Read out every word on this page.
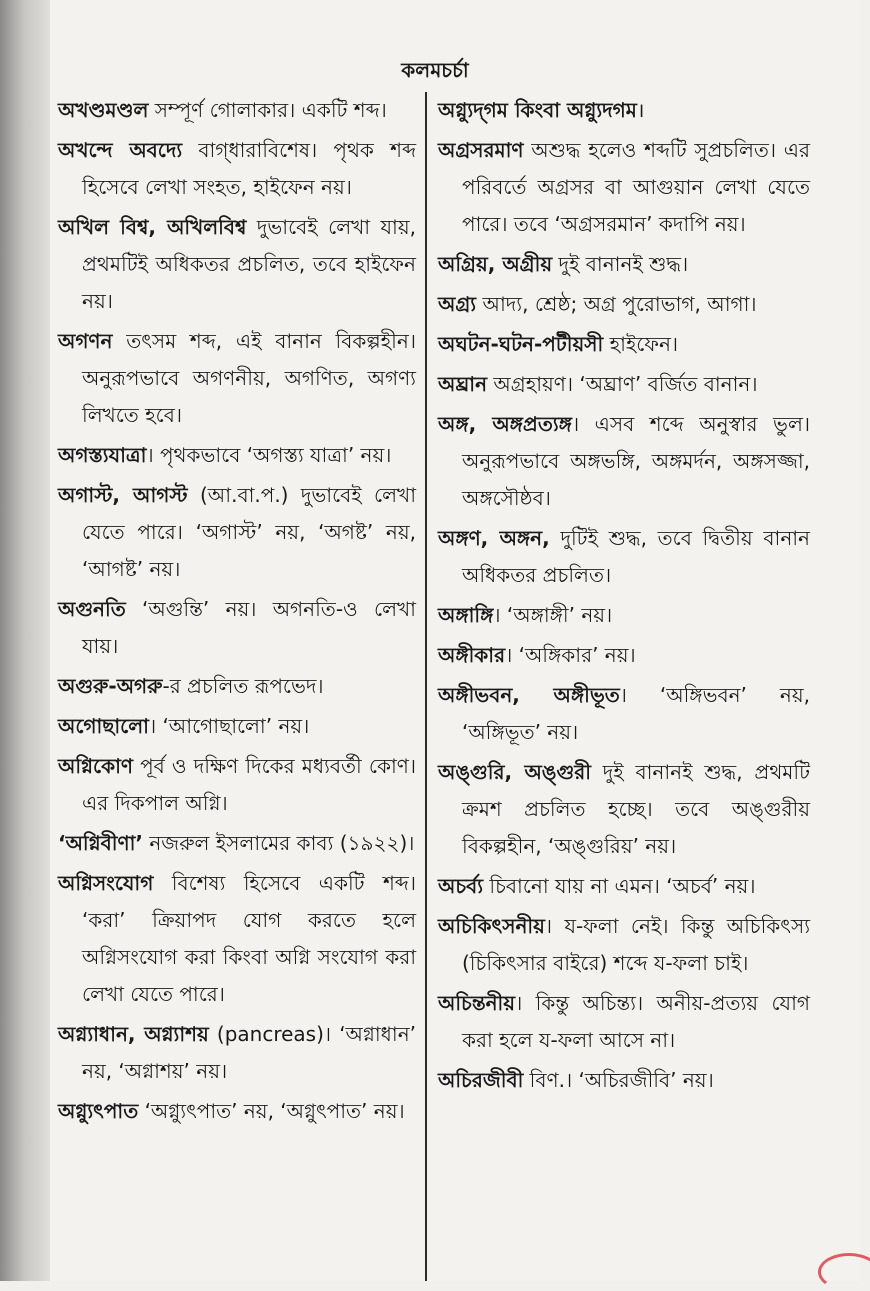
কলমচর্চা

অখণ্ডমণ্ডল সম্পূর্ণ গোলাকার। একটি শব্দ।

অখন্দে অবদ্যে বাগ্‌ধারাবিশেষ। পৃথক শব্দ হিসেবে লেখা সংহত, হাইফেন নয়।

অখিল বিশ্ব, অখিলবিশ্ব দুভাবেই লেখা যায়, প্রথমটিই অধিকতর প্রচলিত, তবে হাইফেন নয়।

অগণন তৎসম শব্দ, এই বানান বিকল্পহীন। অনুরূপভাবে অগণনীয়, অগণিত, অগণ্য লিখতে হবে।

অগস্ত্যযাত্রা। পৃথকভাবে ‘অগস্ত্য যাত্রা’ নয়।

অগাস্ট, আগস্ট (আ.বা.প.) দুভাবেই লেখা যেতে পারে। ‘অগাস্ট’ নয়, ‘অগষ্ট’ নয়, ‘আগষ্ট’ নয়।

অগুনতি ‘অগুন্তি’ নয়। অগনতি-ও লেখা যায়।

অগুরু-অগরু-র প্রচলিত রূপভেদ।

অগোছালো। ‘আগোছালো’ নয়।

অগ্নিকোণ পূর্ব ও দক্ষিণ দিকের মধ্যবর্তী কোণ। এর দিকপাল অগ্নি।

‘অগ্নিবীণা’ নজরুল ইসলামের কাব্য (১৯২২)।

অগ্নিসংযোগ বিশেষ্য হিসেবে একটি শব্দ। ‘করা’ ক্রিয়াপদ যোগ করতে হলে অগ্নিসংযোগ করা কিংবা অগ্নি সংযোগ করা লেখা যেতে পারে।

অগ্ন্যাধান, অগ্ন্যাশয় (pancreas)। ‘অগ্নাধান’ নয়, ‘অগ্নাশয়’ নয়।

অগ্ন্যুৎপাত ‘অগ্ন্যুৎপাত’ নয়, ‘অগ্নুৎপাত’ নয়।

অগ্ন্যুদ্‌গম কিংবা অগ্ন্যুদগম।

অগ্রসরমাণ অশুদ্ধ হলেও শব্দটি সুপ্রচলিত। এর পরিবর্তে অগ্রসর বা আগুয়ান লেখা যেতে পারে। তবে ‘অগ্রসরমান’ কদাপি নয়।

অগ্রিয়, অগ্রীয় দুই বানানই শুদ্ধ।

অগ্র্য আদ্য, শ্রেষ্ঠ; অগ্র পুরোভাগ, আগা।

অঘটন-ঘটন-পটীয়সী হাইফেন।

অঘ্রান অগ্রহায়ণ। ‘অঘ্রাণ’ বর্জিত বানান।

অঙ্গ, অঙ্গপ্রত্যঙ্গ। এসব শব্দে অনুস্বার ভুল। অনুরূপভাবে অঙ্গভঙ্গি, অঙ্গমর্দন, অঙ্গসজ্জা, অঙ্গসৌষ্ঠব।

অঙ্গণ, অঙ্গন, দুটিই শুদ্ধ, তবে দ্বিতীয় বানান অধিকতর প্রচলিত।

অঙ্গাঙ্গি। ‘অঙ্গাঙ্গী’ নয়।

অঙ্গীকার। ‘অঙ্গিকার’ নয়।

অঙ্গীভবন, অঙ্গীভূত। ‘অঙ্গিভবন’ নয়, ‘অঙ্গিভূত’ নয়।

অঙ্গুরি, অঙ্গুরী দুই বানানই শুদ্ধ, প্রথমটি ক্রমশ প্রচলিত হচ্ছে। তবে অঙ্গুরীয় বিকল্পহীন, ‘অঙ্গুরিয়’ নয়।

অচর্ব্য চিবানো যায় না এমন। ‘অচর্ব’ নয়।

অচিকিৎসনীয়। য-ফলা নেই। কিন্তু অচিকিৎস্য (চিকিৎসার বাইরে) শব্দে য-ফলা চাই।

অচিন্তনীয়। কিন্তু অচিন্ত্য। অনীয়-প্রত্যয় যোগ করা হলে য-ফলা আসে না।

অচিরজীবী বিণ.। ‘অচিরজীবি’ নয়।
